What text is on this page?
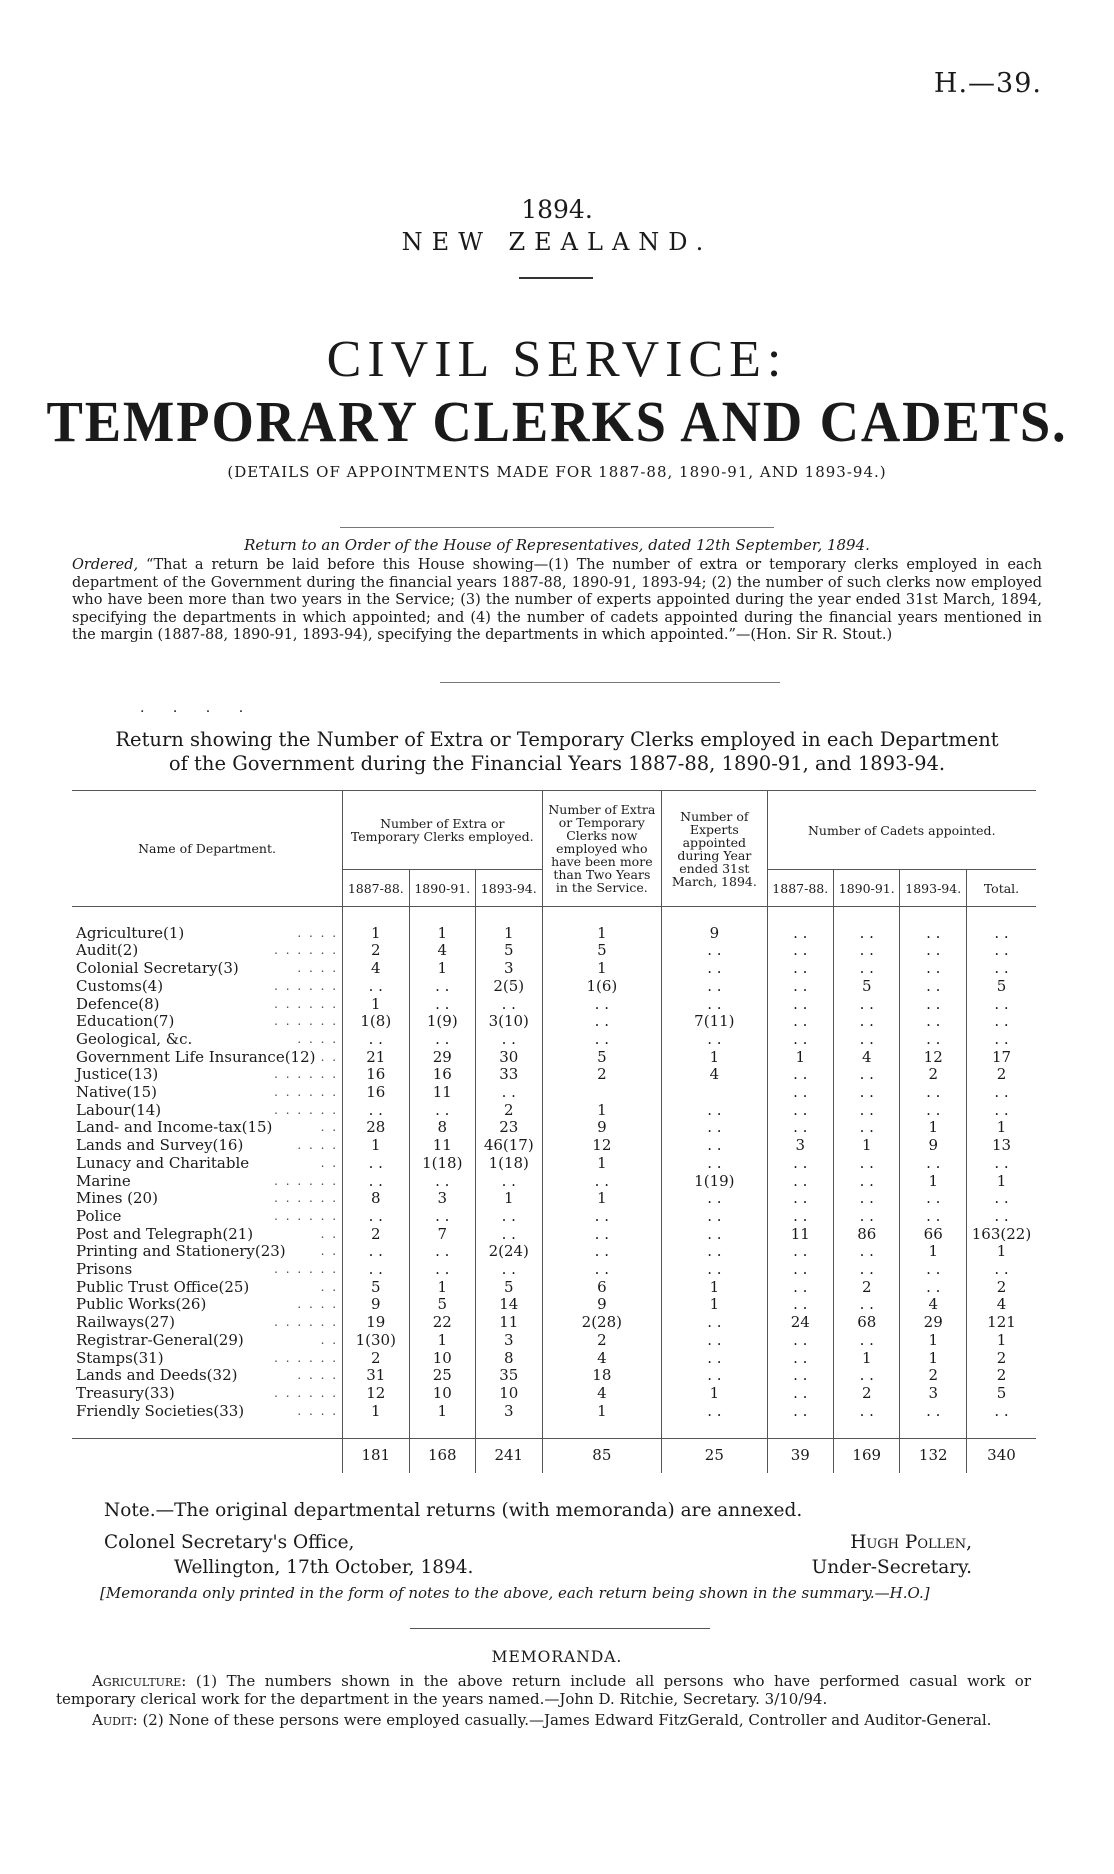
H.—39.
1894.
NEW ZEALAND.
CIVIL SERVICE:
TEMPORARY CLERKS AND CADETS.
(DETAILS OF APPOINTMENTS MADE FOR 1887-88, 1890-91, AND 1893-94.)
Return to an Order of the House of Representatives, dated 12th September, 1894.
Ordered, “That a return be laid before this House showing—(1) The number of extra or temporary clerks employed in each department of the Government during the financial years 1887-88, 1890-91, 1893-94; (2) the number of such clerks now employed who have been more than two years in the Service; (3) the number of experts appointed during the year ended 31st March, 1894, specifying the departments in which appointed; and (4) the number of cadets appointed during the financial years mentioned in the margin (1887-88, 1890-91, 1893-94), specifying the departments in which appointed.”—(Hon. Sir R. Stout.)
. . . .
Return showing the Number of Extra or Temporary Clerks employed in each Department
of the Government during the Financial Years 1887-88, 1890-91, and 1893-94.
Name of Department.	Number of Extra or Temporary Clerks employed.			Number of Extra or Temporary Clerks now employed who have been more than Two Years in the Service.	Number of Experts appointed during Year ended 31st March, 1894.	Number of Cadets appointed.			
	1887-88.	1890-91.	1893-94.			1887-88.	1890-91.	1893-94.	Total.

Agriculture(1) . . . .	1	1	1	1	9	. .	. .	. .	. .
Audit(2) . . . . . .	2	4	5	5	. .	. .	. .	. .	. .
Colonial Secretary(3) . . . .	4	1	3	1	. .	. .	. .	. .	. .
Customs(4) . . . . . .	. .	. .	2(5)	1(6)	. .	. .	5	. .	5
Defence(8) . . . . . .	1	. .	. .	. .	. .	. .	. .	. .	. .
Education(7) . . . . . .	1(8)	1(9)	3(10)	. .	7(11)	. .	. .	. .	. .
Geological, &c. . . . .	. .	. .	. .	. .	. .	. .	. .	. .	. .
Government Life Insurance(12) . .	21	29	30	5	1	1	4	12	17
Justice(13) . . . . . .	16	16	33	2	4	. .	. .	2	2
Native(15) . . . . . .	16	11	. .			. .	. .	. .	. .
Labour(14) . . . . . .	. .	. .	2	1	. .	. .	. .	. .	. .
Land- and Income-tax(15) . .	28	8	23	9	. .	. .	. .	1	1
Lands and Survey(16) . . . .	1	11	46(17)	12	. .	3	1	9	13
Lunacy and Charitable . .	. .	1(18)	1(18)	1	. .	. .	. .	. .	. .
Marine . . . . . .	. .	. .	. .	. .	1(19)	. .	. .	1	1
Mines (20) . . . . . .	8	3	1	1	. .	. .	. .	. .	. .
Police . . . . . .	. .	. .	. .	. .	. .	. .	. .	. .	. .
Post and Telegraph(21) . .	2	7	. .	. .	. .	11	86	66	163(22)
Printing and Stationery(23) . .	. .	. .	2(24)	. .	. .	. .	. .	1	1
Prisons . . . . . .	. .	. .	. .	. .	. .	. .	. .	. .	. .
Public Trust Office(25) . .	5	1	5	6	1	. .	2	. .	2
Public Works(26) . . . .	9	5	14	9	1	. .	. .	4	4
Railways(27) . . . . . .	19	22	11	2(28)	. .	24	68	29	121
Registrar-General(29) . .	1(30)	1	3	2	. .	. .	. .	1	1
Stamps(31) . . . . . .	2	10	8	4	. .	. .	1	1	2
Lands and Deeds(32) . . . .	31	25	35	18	. .	. .	. .	2	2
Treasury(33) . . . . . .	12	10	10	4	1	. .	2	3	5
Friendly Societies(33) . . . .	1	1	3	1	. .	. .	. .	. .	. .

	181	168	241	85	25	39	169	132	340
Note.—The original departmental returns (with memoranda) are annexed.
Colonel Secretary's Office,
Wellington, 17th October, 1894.
Hugh Pollen,
Under-Secretary.
[Memoranda only printed in the form of notes to the above, each return being shown in the summary.—H.O.]
MEMORANDA.

Agriculture: (1) The numbers shown in the above return include all persons who have performed casual work or temporary clerical work for the department in the years named.—John D. Ritchie, Secretary. 3/10/94.

Audit: (2) None of these persons were employed casually.—James Edward FitzGerald, Controller and Auditor-General.
